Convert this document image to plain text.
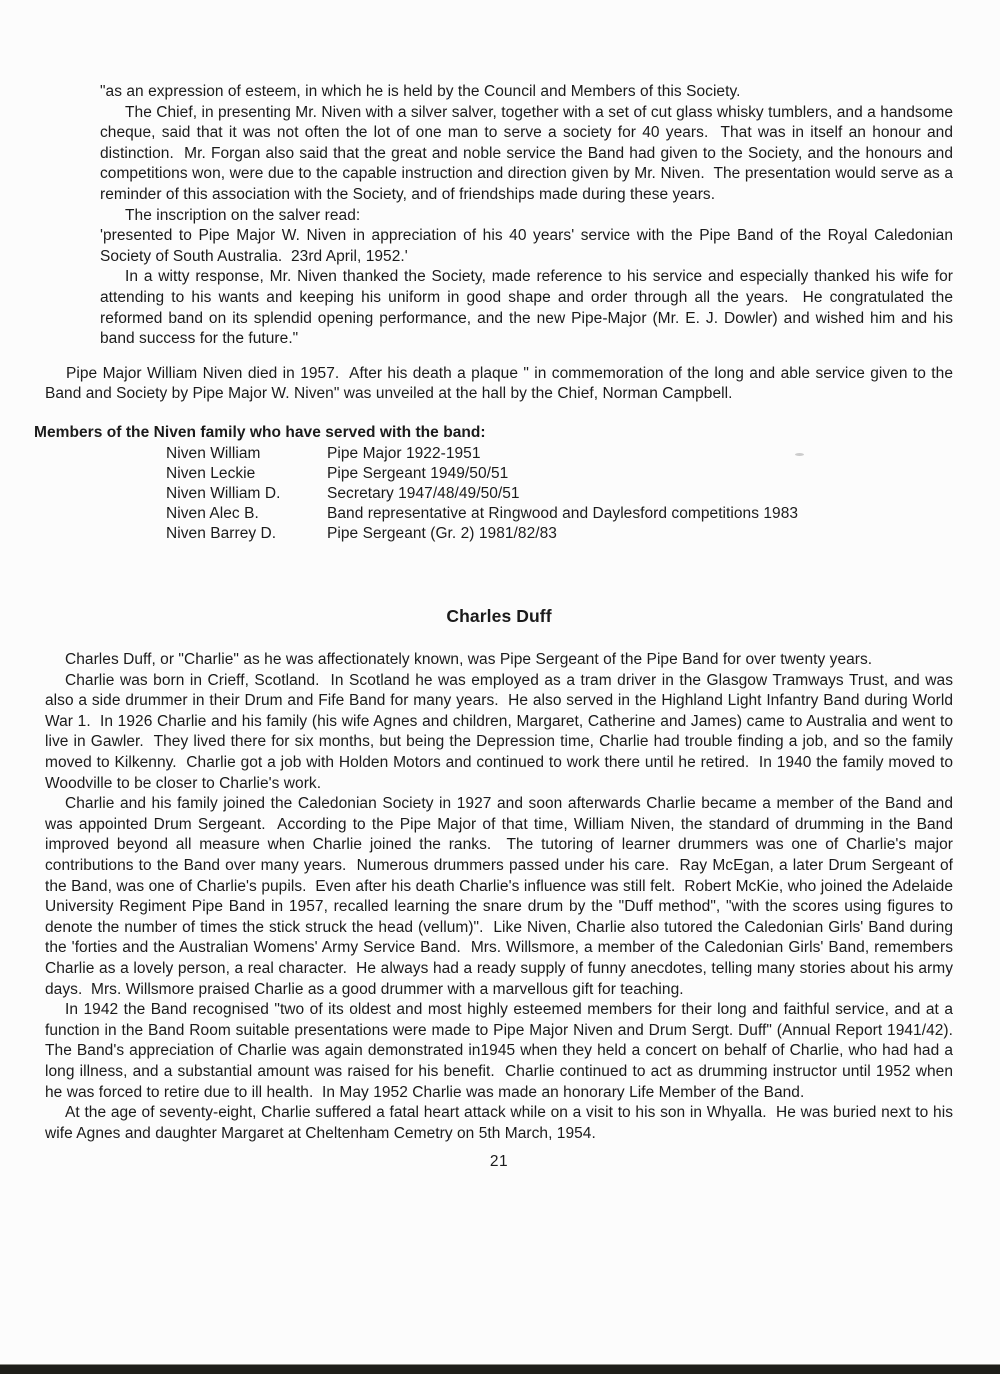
"as an expression of esteem, in which he is held by the Council and Members of this Society.

The Chief, in presenting Mr. Niven with a silver salver, together with a set of cut glass whisky tumblers, and a handsome cheque, said that it was not often the lot of one man to serve a society for 40 years.  That was in itself an honour and distinction.  Mr. Forgan also said that the great and noble service the Band had given to the Society, and the honours and competitions won, were due to the capable instruction and direction given by Mr. Niven.  The presentation would serve as a reminder of this association with the Society, and of friendships made during these years.

The inscription on the salver read:

'presented to Pipe Major W. Niven in appreciation of his 40 years' service with the Pipe Band of the Royal Caledonian Society of South Australia.  23rd April, 1952.'

In a witty response, Mr. Niven thanked the Society, made reference to his service and especially thanked his wife for attending to his wants and keeping his uniform in good shape and order through all the years.  He congratulated the reformed band on its splendid opening performance, and the new Pipe-Major (Mr. E. J. Dowler) and wished him and his band success for the future."

Pipe Major William Niven died in 1957.  After his death a plaque " in commemoration of the long and able service given to the Band and Society by Pipe Major W. Niven" was unveiled at the hall by the Chief, Norman Campbell.

Members of the Niven family who have served with the band:

Niven William	Pipe Major 1922-1951
Niven Leckie	Pipe Sergeant 1949/50/51
Niven William D.	Secretary 1947/48/49/50/51
Niven Alec B.	Band representative at Ringwood and Daylesford competitions 1983
Niven Barrey D.	Pipe Sergeant (Gr. 2) 1981/82/83

Charles Duff

Charles Duff, or "Charlie" as he was affectionately known, was Pipe Sergeant of the Pipe Band for over twenty years.

Charlie was born in Crieff, Scotland.  In Scotland he was employed as a tram driver in the Glasgow Tramways Trust, and was also a side drummer in their Drum and Fife Band for many years.  He also served in the Highland Light Infantry Band during World War 1.  In 1926 Charlie and his family (his wife Agnes and children, Margaret, Catherine and James) came to Australia and went to live in Gawler.  They lived there for six months, but being the Depression time, Charlie had trouble finding a job, and so the family moved to Kilkenny.  Charlie got a job with Holden Motors and continued to work there until he retired.  In 1940 the family moved to Woodville to be closer to Charlie's work.

Charlie and his family joined the Caledonian Society in 1927 and soon afterwards Charlie became a member of the Band and was appointed Drum Sergeant.  According to the Pipe Major of that time, William Niven, the standard of drumming in the Band improved beyond all measure when Charlie joined the ranks.  The tutoring of learner drummers was one of Charlie's major contributions to the Band over many years.  Numerous drummers passed under his care.  Ray McEgan, a later Drum Sergeant of the Band, was one of Charlie's pupils.  Even after his death Charlie's influence was still felt.  Robert McKie, who joined the Adelaide University Regiment Pipe Band in 1957, recalled learning the snare drum by the "Duff method", "with the scores using figures to denote the number of times the stick struck the head (vellum)".  Like Niven, Charlie also tutored the Caledonian Girls' Band during the 'forties and the Australian Womens' Army Service Band.  Mrs. Willsmore, a member of the Caledonian Girls' Band, remembers Charlie as a lovely person, a real character.  He always had a ready supply of funny anecdotes, telling many stories about his army days.  Mrs. Willsmore praised Charlie as a good drummer with a marvellous gift for teaching.

In 1942 the Band recognised "two of its oldest and most highly esteemed members for their long and faithful service, and at a function in the Band Room suitable presentations were made to Pipe Major Niven and Drum Sergt. Duff" (Annual Report 1941/42).  The Band's appreciation of Charlie was again demonstrated in1945 when they held a concert on behalf of Charlie, who had had a long illness, and a substantial amount was raised for his benefit.  Charlie continued to act as drumming instructor until 1952 when he was forced to retire due to ill health.  In May 1952 Charlie was made an honorary Life Member of the Band.

At the age of seventy-eight, Charlie suffered a fatal heart attack while on a visit to his son in Whyalla.  He was buried next to his wife Agnes and daughter Margaret at Cheltenham Cemetry on 5th March, 1954.

21
